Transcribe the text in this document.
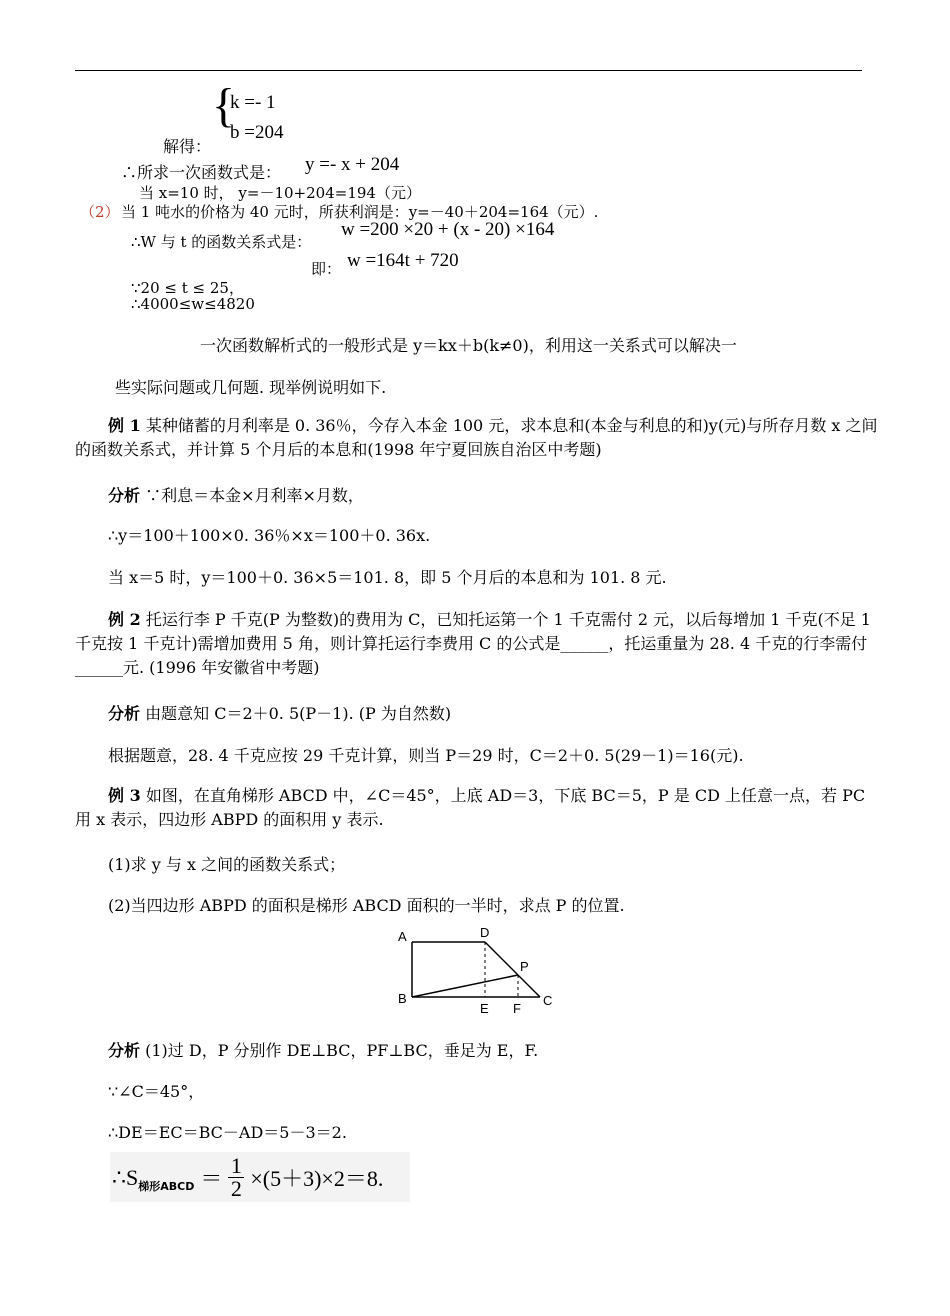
{
k =- 1
b =204
解得：
∴所求一次函数式是： y =- x + 204
当 x=10 时， y=－10+204=194（元）
（2） 当 1 吨水的价格为 40 元时，所获利润是：y=－40＋204=164（元）.
∴W 与 t 的函数关系式是：
w =200 ×20 + (x - 20) ×164
即： w =164t + 720
∵20 ≤ t ≤ 25，
∴4000≤w≤4820
一次函数解析式的一般形式是 y＝kx＋b(k≠0)，利用这一关系式可以解决一
些实际问题或几何题. 现举例说明如下.
例 1 某种储蓄的月利率是 0. 36％，今存入本金 100 元，求本息和(本金与利息的和)y(元)与所存月数 x 之间的函数关系式，并计算 5 个月后的本息和(1998 年宁夏回族自治区中考题)
分析 ∵利息＝本金×月利率×月数，
∴y＝100＋100×0. 36％×x＝100＋0. 36x.
当 x＝5 时，y＝100＋0. 36×5＝101. 8，即 5 个月后的本息和为 101. 8 元.
例 2 托运行李 P 千克(P 为整数)的费用为 C，已知托运第一个 1 千克需付 2 元，以后每增加 1 千克(不足 1 千克按 1 千克计)需增加费用 5 角，则计算托运行李费用 C 的公式是______，托运重量为 28. 4 千克的行李需付______元. (1996 年安徽省中考题)
分析 由题意知 C＝2＋0. 5(P－1). (P 为自然数)
根据题意，28. 4 千克应按 29 千克计算，则当 P＝29 时，C＝2＋0. 5(29－1)＝16(元).
例 3 如图，在直角梯形 ABCD 中，∠C＝45°，上底 AD＝3，下底 BC＝5，P 是 CD 上任意一点，若 PC 用 x 表示，四边形 ABPD 的面积用 y 表示.
(1)求 y 与 x 之间的函数关系式；
(2)当四边形 ABPD 的面积是梯形 ABCD 面积的一半时，求点 P 的位置.
A	D
B
E F
C
P
分析 (1)过 D，P 分别作 DE⊥BC，PF⊥BC，垂足为 E，F.
∵∠C＝45°，
∴DE＝EC＝BC－AD＝5－3＝2.
∴S 梯形ABCD ＝
1
2 ×(5＋3)×2＝8.
